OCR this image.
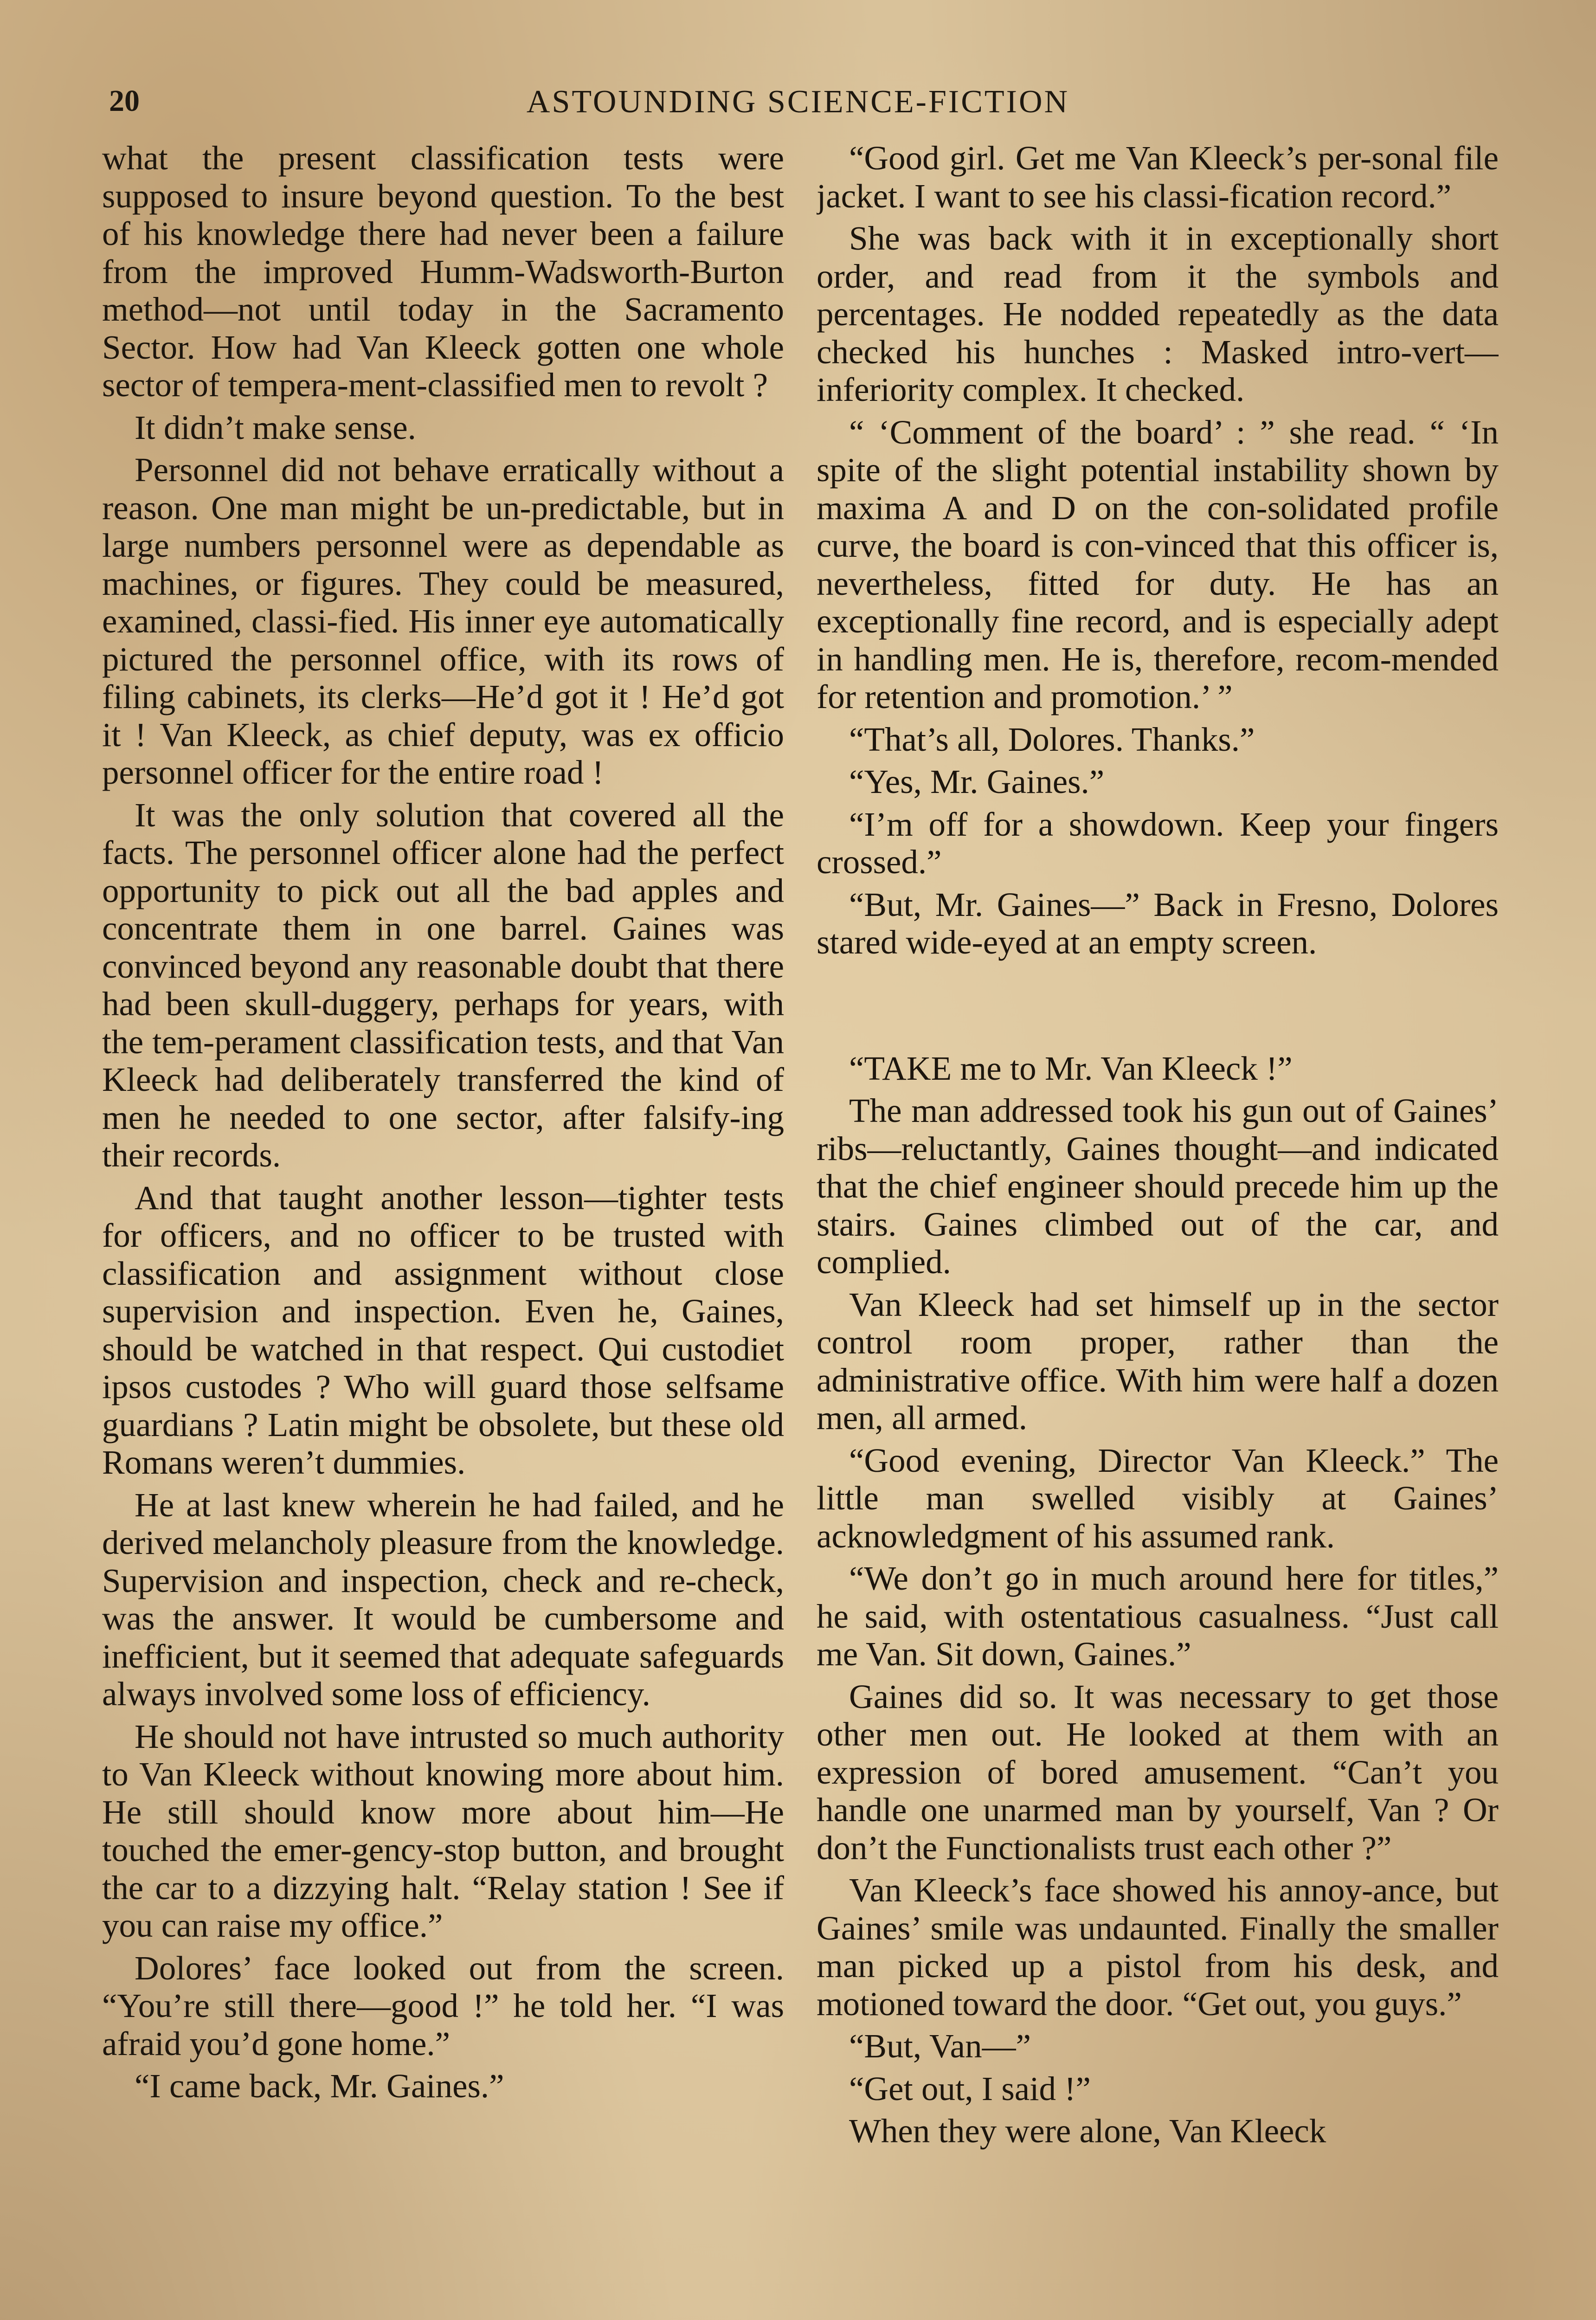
20	ASTOUNDING SCIENCE-FICTION

what the present classification tests were supposed to insure beyond question. To the best of his knowledge there had never been a failure from the improved Humm-Wadsworth-Burton method—not until today in the Sacramento Sector. How had Van Kleeck gotten one whole sector of tempera-ment-classified men to revolt ?

It didn’t make sense.

Personnel did not behave erratically without a reason. One man might be un-predictable, but in large numbers personnel were as dependable as machines, or figures. They could be measured, examined, classi-fied. His inner eye automatically pictured the personnel office, with its rows of filing cabinets, its clerks—He’d got it ! He’d got it ! Van Kleeck, as chief deputy, was ex officio personnel officer for the entire road !

It was the only solution that covered all the facts. The personnel officer alone had the perfect opportunity to pick out all the bad apples and concentrate them in one barrel. Gaines was convinced beyond any reasonable doubt that there had been skull-duggery, perhaps for years, with the tem-perament classification tests, and that Van Kleeck had deliberately transferred the kind of men he needed to one sector, after falsify-ing their records.

And that taught another lesson—tighter tests for officers, and no officer to be trusted with classification and assignment without close supervision and inspection. Even he, Gaines, should be watched in that respect. Qui custodiet ipsos custodes ? Who will guard those selfsame guardians ? Latin might be obsolete, but these old Romans weren’t dummies.

He at last knew wherein he had failed, and he derived melancholy pleasure from the knowledge. Supervision and inspection, check and re-check, was the answer. It would be cumbersome and inefficient, but it seemed that adequate safeguards always involved some loss of efficiency.

He should not have intrusted so much authority to Van Kleeck without knowing more about him. He still should know more about him—He touched the emer-gency-stop button, and brought the car to a dizzying halt. “Relay station ! See if you can raise my office.”

Dolores’ face looked out from the screen. “You’re still there—good !” he told her. “I was afraid you’d gone home.”

“I came back, Mr. Gaines.”

“Good girl. Get me Van Kleeck’s per-sonal file jacket. I want to see his classi-fication record.”

She was back with it in exceptionally short order, and read from it the symbols and percentages. He nodded repeatedly as the data checked his hunches : Masked intro-vert—inferiority complex. It checked.

“ ‘Comment of the board’ : ” she read. “ ‘In spite of the slight potential instability shown by maxima A and D on the con-solidated profile curve, the board is con-vinced that this officer is, nevertheless, fitted for duty. He has an exceptionally fine record, and is especially adept in handling men. He is, therefore, recom-mended for retention and promotion.’ ”

“That’s all, Dolores. Thanks.”

“Yes, Mr. Gaines.”

“I’m off for a showdown. Keep your fingers crossed.”

“But, Mr. Gaines—” Back in Fresno, Dolores stared wide-eyed at an empty screen.

“TAKE me to Mr. Van Kleeck !”

The man addressed took his gun out of Gaines’ ribs—reluctantly, Gaines thought—and indicated that the chief engineer should precede him up the stairs. Gaines climbed out of the car, and complied.

Van Kleeck had set himself up in the sector control room proper, rather than the administrative office. With him were half a dozen men, all armed.

“Good evening, Director Van Kleeck.” The little man swelled visibly at Gaines’ acknowledgment of his assumed rank.

“We don’t go in much around here for titles,” he said, with ostentatious casualness. “Just call me Van. Sit down, Gaines.”

Gaines did so. It was necessary to get those other men out. He looked at them with an expression of bored amusement. “Can’t you handle one unarmed man by yourself, Van ? Or don’t the Functionalists trust each other ?”

Van Kleeck’s face showed his annoy-ance, but Gaines’ smile was undaunted. Finally the smaller man picked up a pistol from his desk, and motioned toward the door. “Get out, you guys.”

“But, Van—”

“Get out, I said !”

When they were alone, Van Kleeck
